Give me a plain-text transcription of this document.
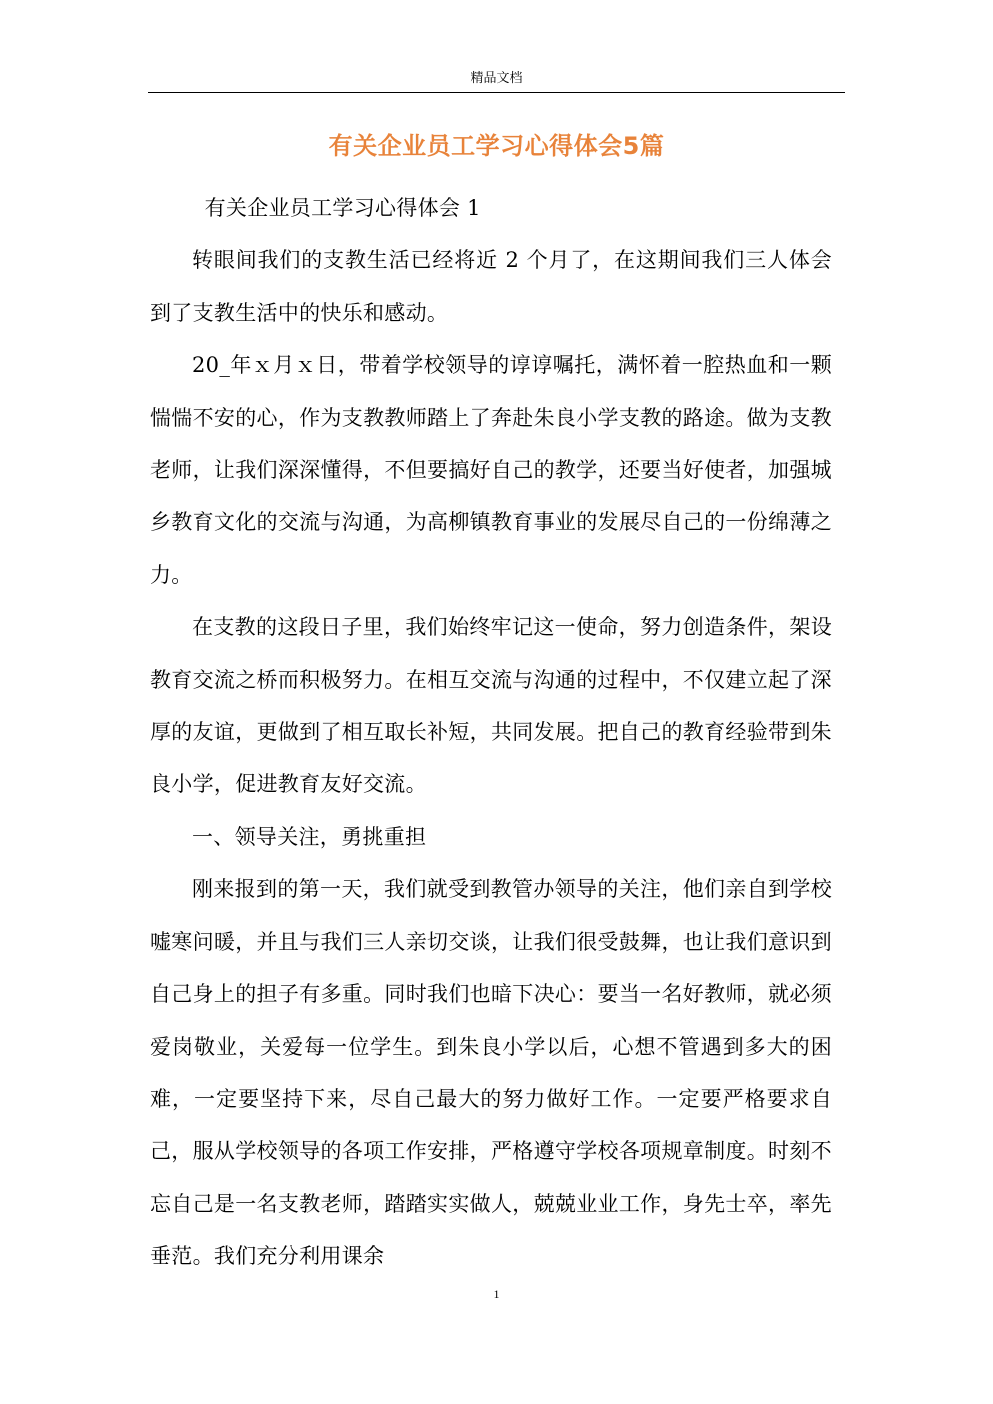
精品文档
有关企业员工学习心得体会5篇

有关企业员工学习心得体会 1

转眼间我们的支教生活已经将近 2 个月了，在这期间我们三人体会到了支教生活中的快乐和感动。

20_年ｘ月ｘ日，带着学校领导的谆谆嘱托，满怀着一腔热血和一颗惴惴不安的心，作为支教教师踏上了奔赴朱良小学支教的路途。做为支教老师，让我们深深懂得，不但要搞好自己的教学，还要当好使者，加强城乡教育文化的交流与沟通，为高柳镇教育事业的发展尽自己的一份绵薄之力。

在支教的这段日子里，我们始终牢记这一使命，努力创造条件，架设教育交流之桥而积极努力。在相互交流与沟通的过程中，不仅建立起了深厚的友谊，更做到了相互取长补短，共同发展。把自己的教育经验带到朱良小学，促进教育友好交流。

一、领导关注，勇挑重担

刚来报到的第一天，我们就受到教管办领导的关注，他们亲自到学校嘘寒问暖，并且与我们三人亲切交谈，让我们很受鼓舞，也让我们意识到自己身上的担子有多重。同时我们也暗下决心：要当一名好教师，就必须爱岗敬业，关爱每一位学生。到朱良小学以后，心想不管遇到多大的困难，一定要坚持下来，尽自己最大的努力做好工作。一定要严格要求自己，服从学校领导的各项工作安排，严格遵守学校各项规章制度。时刻不忘自己是一名支教老师，踏踏实实做人，兢兢业业工作，身先士卒，率先垂范。我们充分利用课余

1
